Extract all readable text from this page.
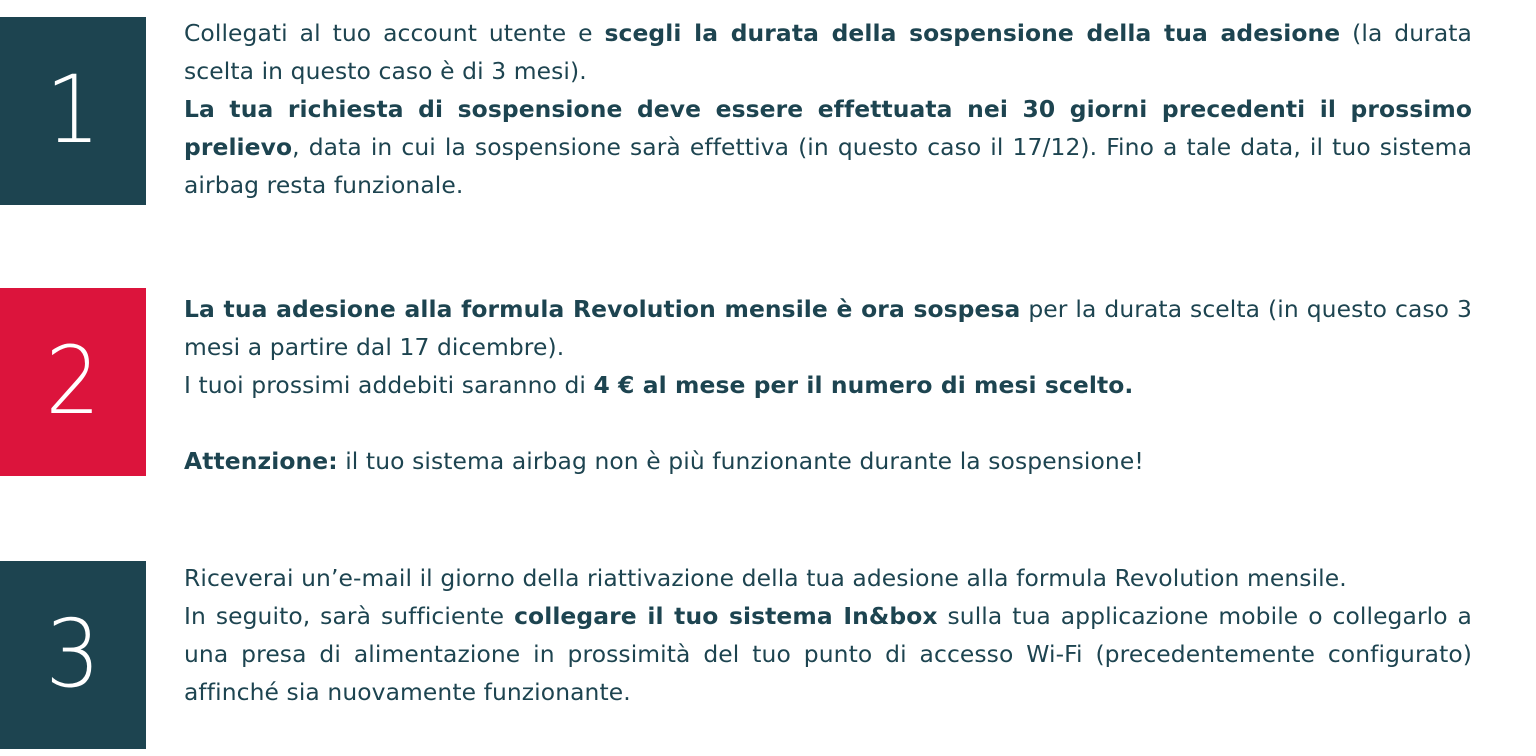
1

Collegati al tuo account utente e scegli la durata della sospensione della tua adesione (la durata scelta in questo caso è di 3 mesi).

La tua richiesta di sospensione deve essere effettuata nei 30 giorni precedenti il prossimo prelievo, data in cui la sospensione sarà effettiva (in questo caso il 17/12). Fino a tale data, il tuo sistema airbag resta funzionale.

2

La tua adesione alla formula Revolution mensile è ora sospesa per la durata scelta (in questo caso 3 mesi a partire dal 17 dicembre).

I tuoi prossimi addebiti saranno di 4 € al mese per il numero di mesi scelto.

Attenzione: il tuo sistema airbag non è più funzionante durante la sospensione!

3

Riceverai un’e-mail il giorno della riattivazione della tua adesione alla formula Revolution mensile.

In seguito, sarà sufficiente collegare il tuo sistema In&box sulla tua applicazione mobile o collegarlo a una presa di alimentazione in prossimità del tuo punto di accesso Wi-Fi (precedentemente configurato) affinché sia nuovamente funzionante.
